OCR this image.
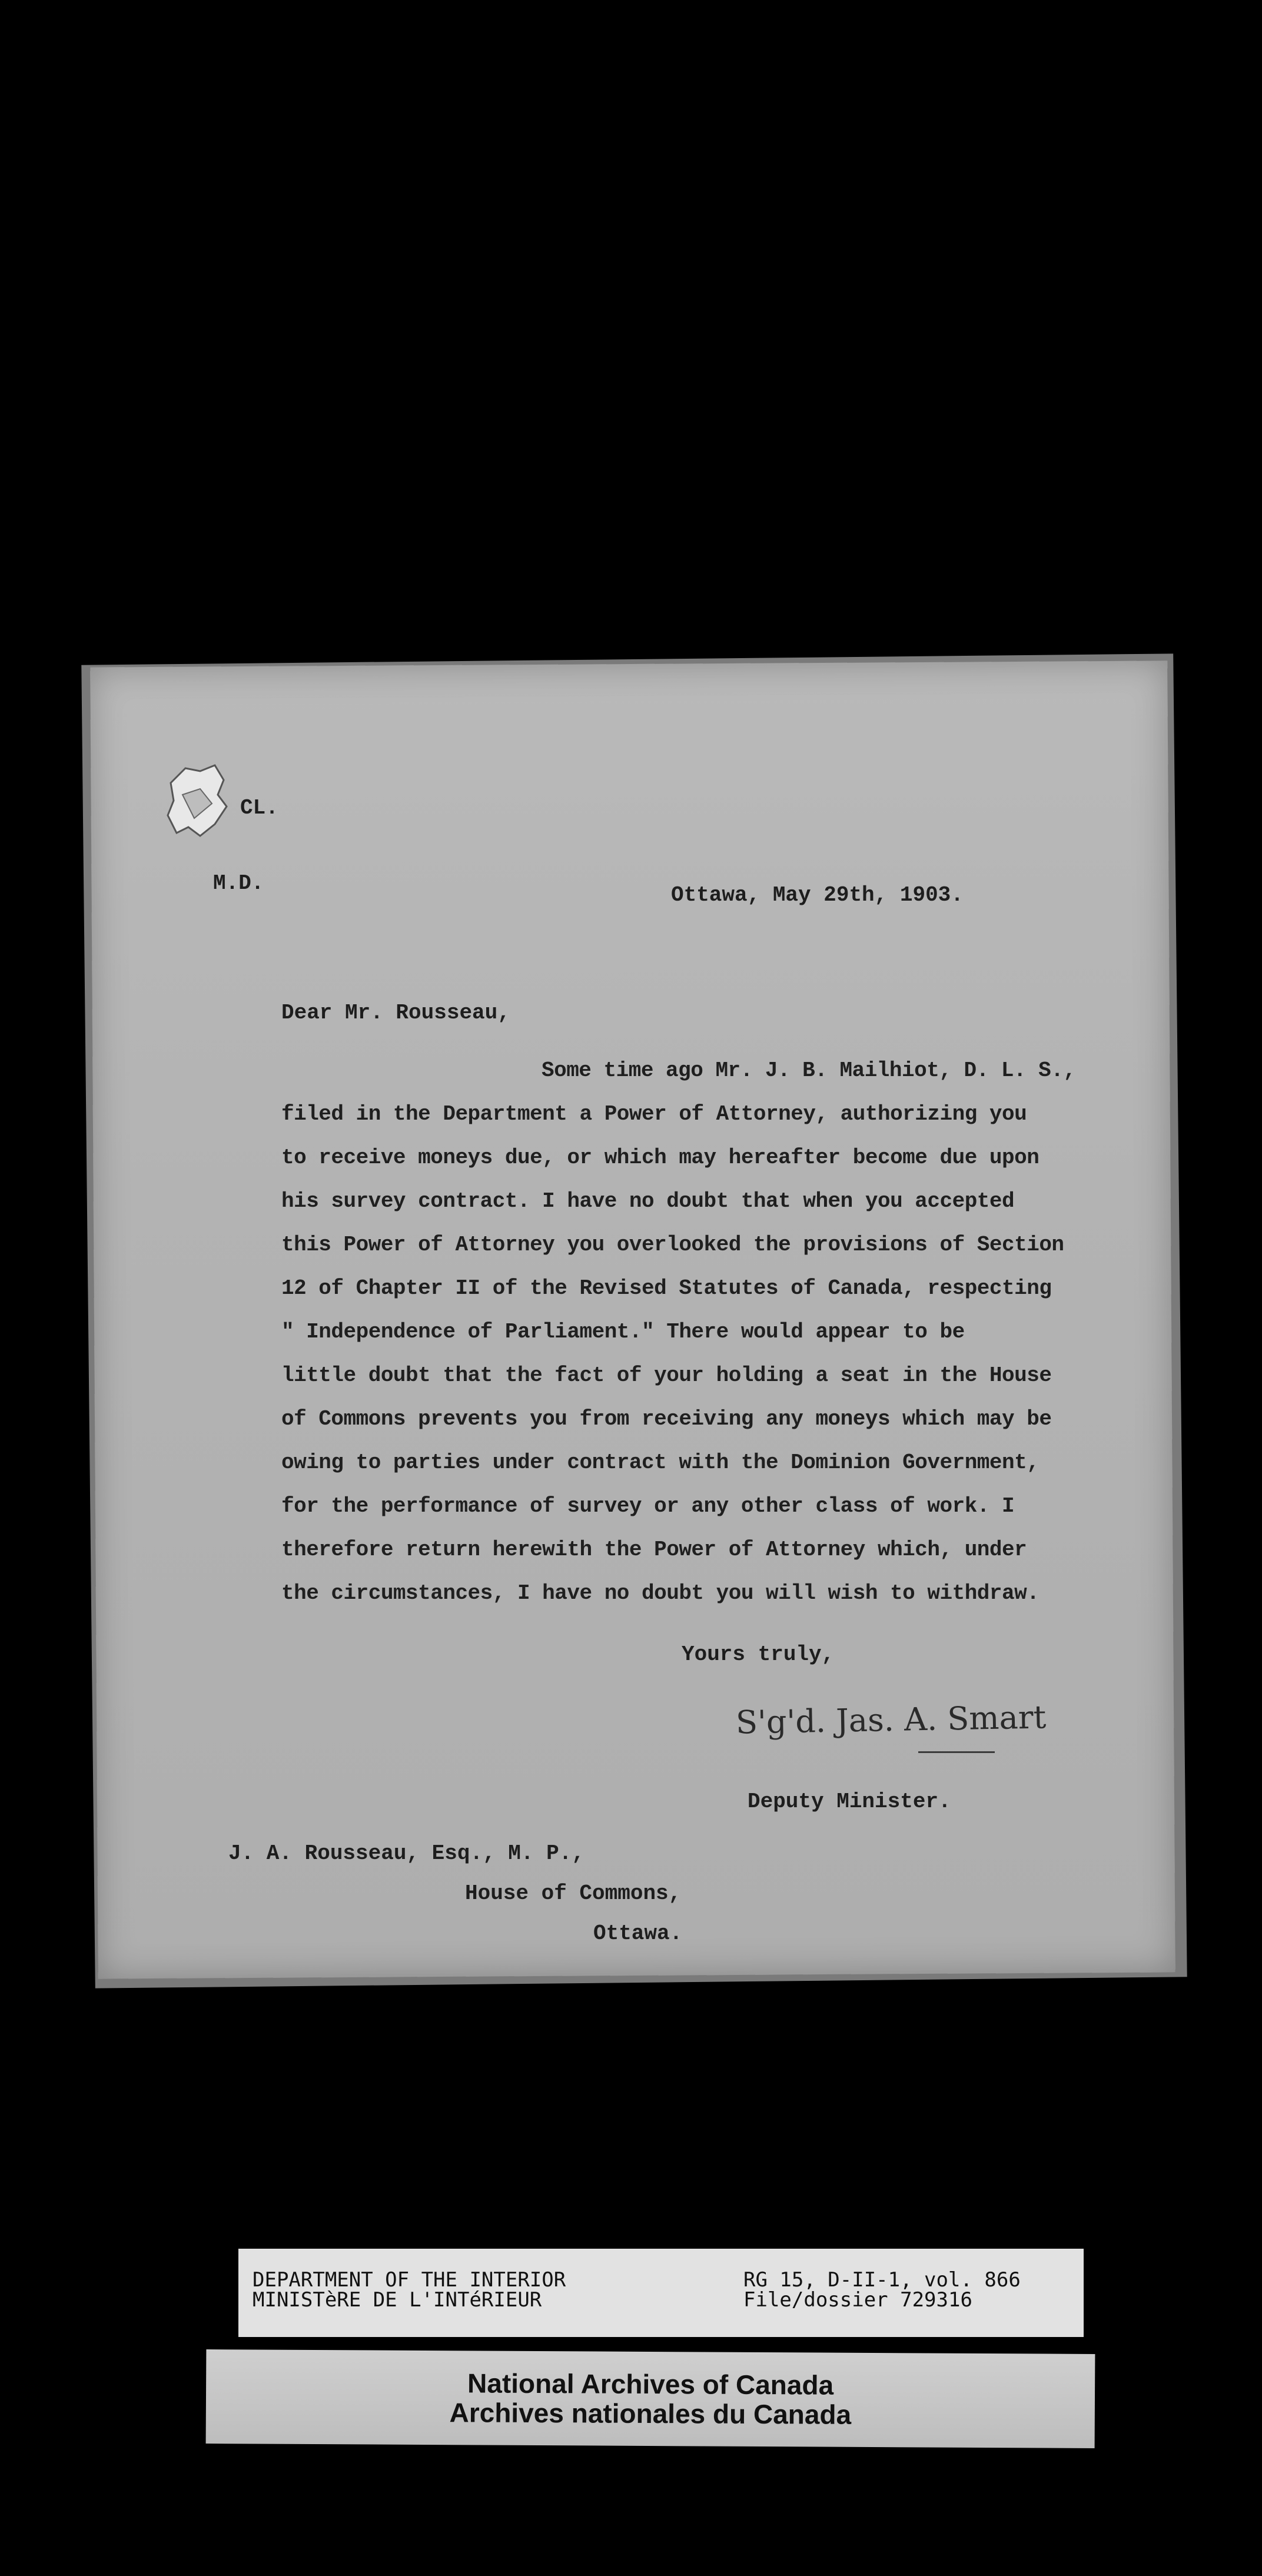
CL.
M.D.	Ottawa, May 29th, 1903.
Dear Mr. Rousseau,
Some time ago Mr. J. B. Mailhiot, D. L. S.,
filed in the Department a Power of Attorney, authorizing you
to receive moneys due, or which may hereafter become due upon
his survey contract. I have no doubt that when you accepted
this Power of Attorney you overlooked the provisions of Section
12 of Chapter II of the Revised Statutes of Canada, respecting
" Independence of Parliament." There would appear to be
little doubt that the fact of your holding a seat in the House
of Commons prevents you from receiving any moneys which may be
owing to parties under contract with the Dominion Government,
for the performance of survey or any other class of work. I
therefore return herewith the Power of Attorney which, under
the circumstances, I have no doubt you will wish to withdraw.
Yours truly,
S'g'd. Jas. A. Smart
Deputy Minister.
J. A. Rousseau, Esq., M. P.,
House of Commons,
Ottawa.
DEPARTMENT OF THE INTERIOR
MINISTèRE DE L'INTéRIEUR
RG 15, D-II-1, vol. 866
File/dossier 729316
National Archives of Canada
Archives nationales du Canada
